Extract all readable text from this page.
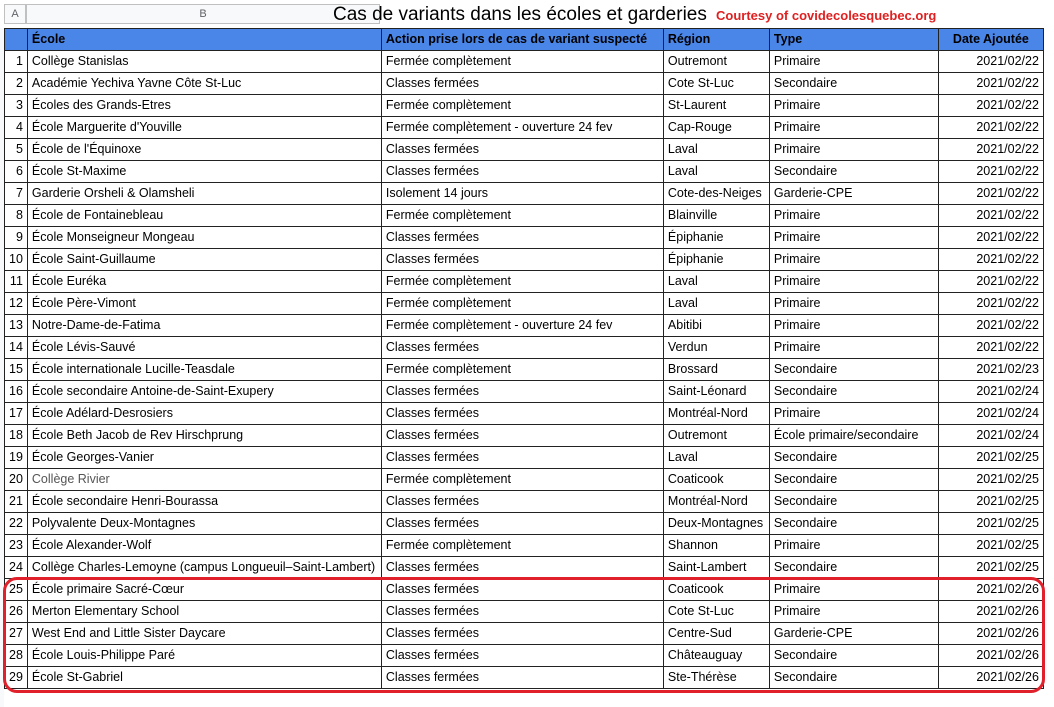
A	B	Cas de variants dans les écoles et garderies Courtesy of covidecolesquebec.org
	École	Action prise lors de cas de variant suspecté	Région	Type	Date Ajoutée
1	Collège Stanislas	Fermée complètement	Outremont	Primaire	2021/02/22
2	Académie Yechiva Yavne Côte St-Luc	Classes fermées	Cote St-Luc	Secondaire	2021/02/22
3	Écoles des Grands-Etres	Fermée complètement	St-Laurent	Primaire	2021/02/22
4	École Marguerite d'Youville	Fermée complètement - ouverture 24 fev	Cap-Rouge	Primaire	2021/02/22
5	École de l'Équinoxe	Classes fermées	Laval	Primaire	2021/02/22
6	École St-Maxime	Classes fermées	Laval	Secondaire	2021/02/22
7	Garderie Orsheli & Olamsheli	Isolement 14 jours	Cote-des-Neiges	Garderie-CPE	2021/02/22
8	École de Fontainebleau	Fermée complètement	Blainville	Primaire	2021/02/22
9	École Monseigneur Mongeau	Classes fermées	Épiphanie	Primaire	2021/02/22
10	École Saint-Guillaume	Classes fermées	Épiphanie	Primaire	2021/02/22
11	École Euréka	Fermée complètement	Laval	Primaire	2021/02/22
12	École Père-Vimont	Fermée complètement	Laval	Primaire	2021/02/22
13	Notre-Dame-de-Fatima	Fermée complètement - ouverture 24 fev	Abitibi	Primaire	2021/02/22
14	École Lévis-Sauvé	Classes fermées	Verdun	Primaire	2021/02/22
15	École internationale Lucille-Teasdale	Fermée complètement	Brossard	Secondaire	2021/02/23
16	École secondaire Antoine-de-Saint-Exupery	Classes fermées	Saint-Léonard	Secondaire	2021/02/24
17	École Adélard-Desrosiers	Classes fermées	Montréal-Nord	Primaire	2021/02/24
18	École Beth Jacob de Rev Hirschprung	Classes fermées	Outremont	École primaire/secondaire	2021/02/24
19	École Georges-Vanier	Classes fermées	Laval	Secondaire	2021/02/25
20	Collège Rivier	Fermée complètement	Coaticook	Secondaire	2021/02/25
21	École secondaire Henri-Bourassa	Classes fermées	Montréal-Nord	Secondaire	2021/02/25
22	Polyvalente Deux-Montagnes	Classes fermées	Deux-Montagnes	Secondaire	2021/02/25
23	École Alexander-Wolf	Fermée complètement	Shannon	Primaire	2021/02/25
24	Collège Charles-Lemoyne (campus Longueuil–Saint-Lambert)	Classes fermées	Saint-Lambert	Secondaire	2021/02/25
25	École primaire Sacré-Cœur	Classes fermées	Coaticook	Primaire	2021/02/26
26	Merton Elementary School	Classes fermées	Cote St-Luc	Primaire	2021/02/26
27	West End and Little Sister Daycare	Classes fermées	Centre-Sud	Garderie-CPE	2021/02/26
28	École Louis-Philippe Paré	Classes fermées	Châteauguay	Secondaire	2021/02/26
29	École St-Gabriel	Classes fermées	Ste-Thérèse	Secondaire	2021/02/26
